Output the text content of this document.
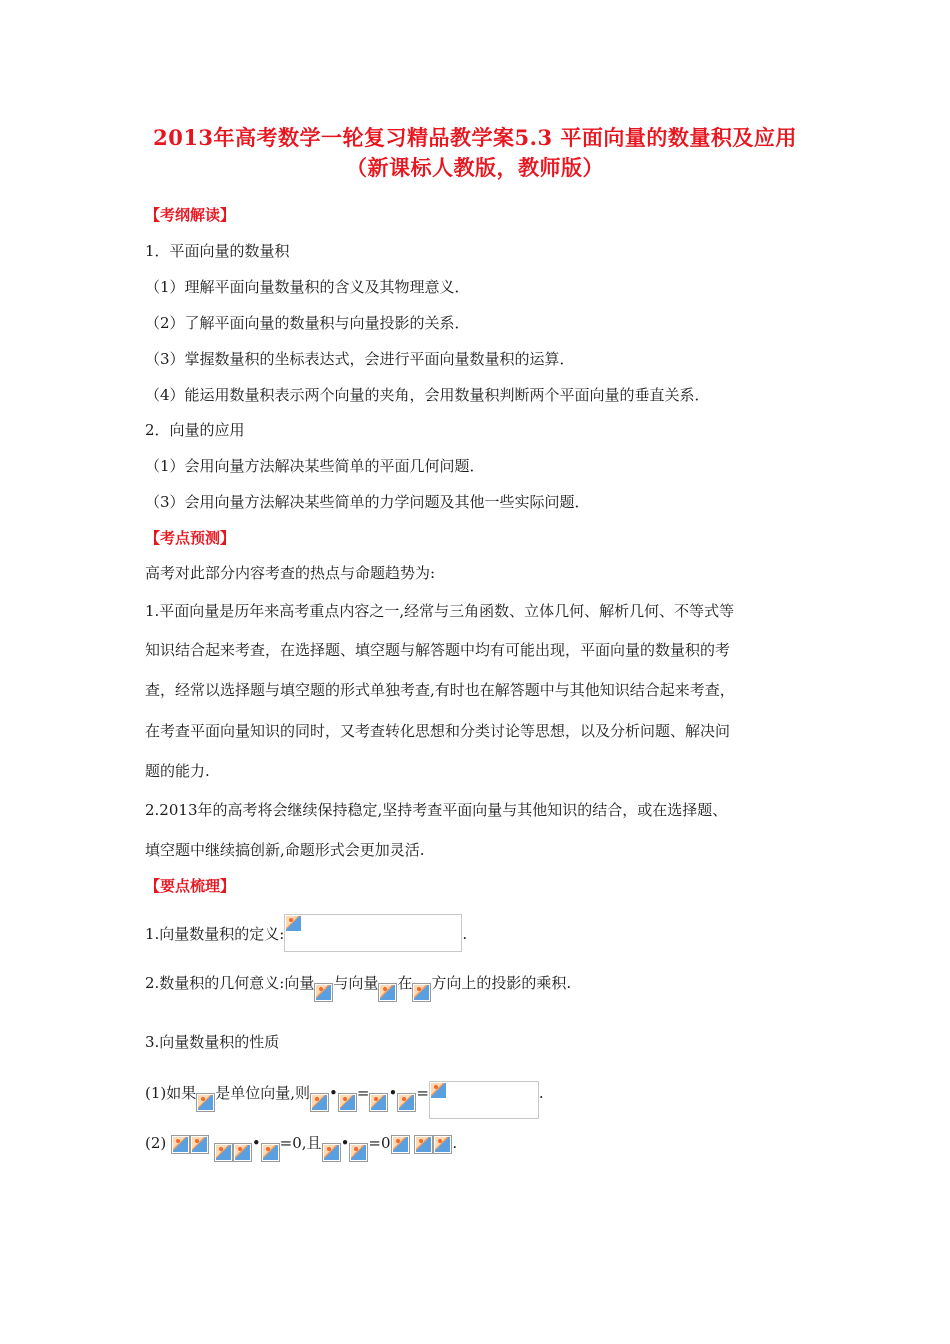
2013年高考数学一轮复习精品教学案5.3 平面向量的数量积及应用
（新课标人教版，教师版）
【考纲解读】
1．平面向量的数量积
（1）理解平面向量数量积的含义及其物理意义．
（2）了解平面向量的数量积与向量投影的关系．
（3）掌握数量积的坐标表达式，会进行平面向量数量积的运算．
（4）能运用数量积表示两个向量的夹角，会用数量积判断两个平面向量的垂直关系．
2．向量的应用
（1）会用向量方法解决某些简单的平面几何问题．
（3）会用向量方法解决某些简单的力学问题及其他一些实际问题．
【考点预测】
高考对此部分内容考查的热点与命题趋势为:
1.平面向量是历年来高考重点内容之一,经常与三角函数、立体几何、解析几何、不等式等
知识结合起来考查，在选择题、填空题与解答题中均有可能出现，平面向量的数量积的考
查，经常以选择题与填空题的形式单独考查,有时也在解答题中与其他知识结合起来考查，
在考查平面向量知识的同时，又考查转化思想和分类讨论等思想，以及分析问题、解决问
题的能力.
2.2013年的高考将会继续保持稳定,坚持考查平面向量与其他知识的结合，或在选择题、
填空题中继续搞创新,命题形式会更加灵活.
【要点梳理】
1.向量数量积的定义:	.
2.数量积的几何意义:向量 与向量 在 方向上的投影的乘积.
3.向量数量积的性质
(1)如果 是单位向量,则 • = • =	.
(2)
	• =0,且 • =0
	.
